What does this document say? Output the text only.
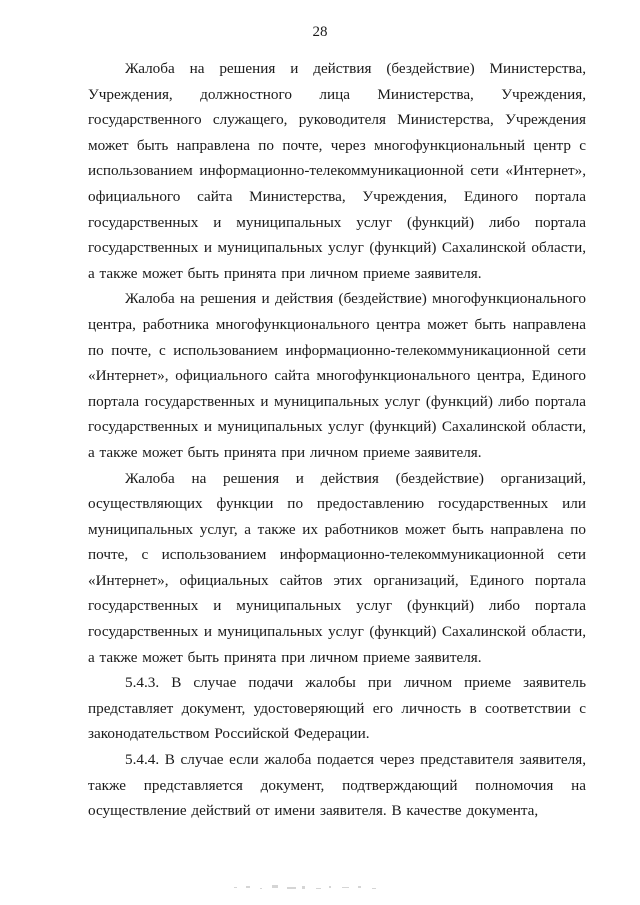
28

Жалоба на решения и действия (бездействие) Министерства, Учреждения, должностного лица Министерства, Учреждения, государственного служащего, руководителя Министерства, Учреждения может быть направлена по почте, через многофункциональный центр с использованием информационно-телекоммуникационной сети «Интернет», официального сайта Министерства, Учреждения, Единого портала государственных и муниципальных услуг (функций) либо портала государственных и муниципальных услуг (функций) Сахалинской области, а также может быть принята при личном приеме заявителя.

Жалоба на решения и действия (бездействие) многофункционального центра, работника многофункционального центра может быть направлена по почте, с использованием информационно-телекоммуникационной сети «Интернет», официального сайта многофункционального центра, Единого портала государственных и муниципальных услуг (функций) либо портала государственных и муниципальных услуг (функций) Сахалинской области, а также может быть принята при личном приеме заявителя.

Жалоба на решения и действия (бездействие) организаций, осуществляющих функции по предоставлению государственных или муниципальных услуг, а также их работников может быть направлена по почте, с использованием информационно-телекоммуникационной сети «Интернет», официальных сайтов этих организаций, Единого портала государственных и муниципальных услуг (функций) либо портала государственных и муниципальных услуг (функций) Сахалинской области, а также может быть принята при личном приеме заявителя.

5.4.3. В случае подачи жалобы при личном приеме заявитель представляет документ, удостоверяющий его личность в соответствии с законодательством Российской Федерации.

5.4.4. В случае если жалоба подается через представителя заявителя, также представляется документ, подтверждающий полномочия на осуществление действий от имени заявителя. В качестве документа,
